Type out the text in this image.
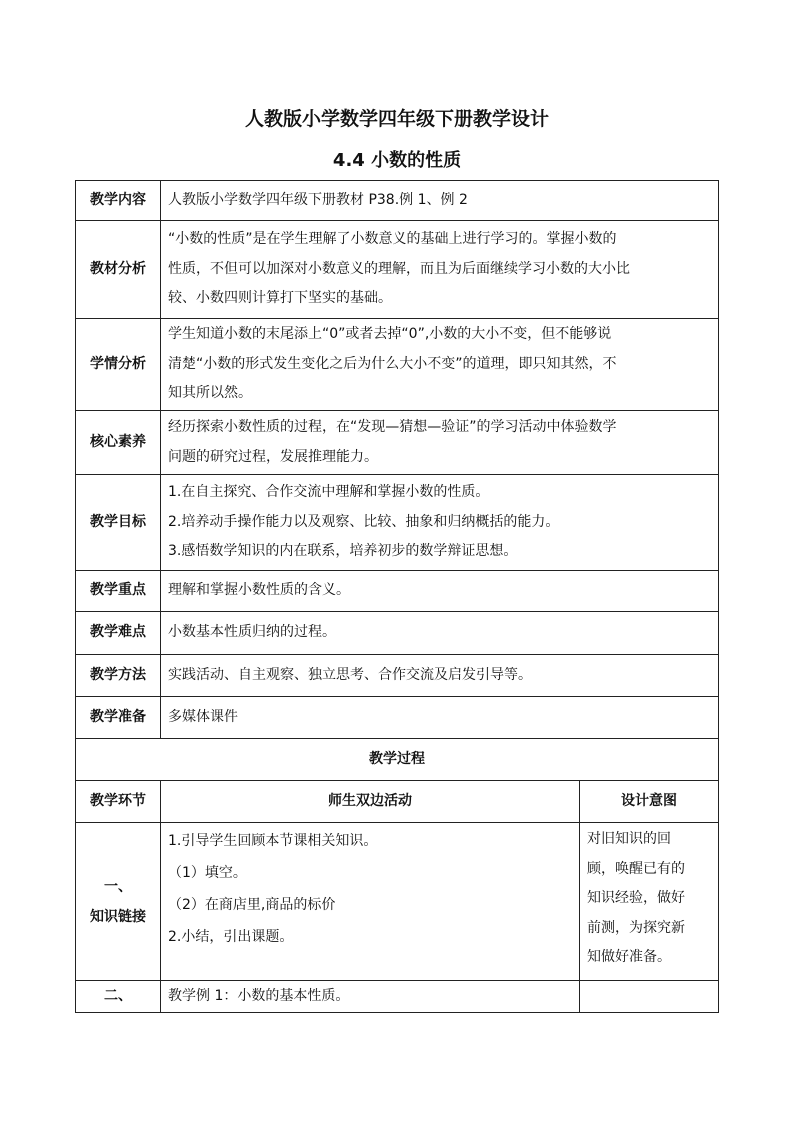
人教版小学数学四年级下册教学设计
4.4 小数的性质
教学内容	人教版小学数学四年级下册教材 P38.例 1、例 2	
教材分析	“小数的性质”是在学生理解了小数意义的基础上进行学习的。掌握小数的
性质，不但可以加深对小数意义的理解，而且为后面继续学习小数的大小比
较、小数四则计算打下坚实的基础。	

学情分析	学生知道小数的末尾添上“0”或者去掉“0”,小数的大小不变，但不能够说
清楚“小数的形式发生变化之后为什么大小不变”的道理，即只知其然，不
知其所以然。	

核心素养	经历探索小数性质的过程，在“发现—猜想—验证”的学习活动中体验数学
问题的研究过程，发展推理能力。	

教学目标	1.在自主探究、合作交流中理解和掌握小数的性质。
2.培养动手操作能力以及观察、比较、抽象和归纳概括的能力。
3.感悟数学知识的内在联系，培养初步的数学辩证思想。	

教学重点	理解和掌握小数性质的含义。	
教学难点	小数基本性质归纳的过程。	
教学方法	实践活动、自主观察、独立思考、合作交流及启发引导等。	
教学准备	多媒体课件	
教学过程		
教学环节	师生双边活动	设计意图

一、
知识链接	1.引导学生回顾本节课相关知识。
（1）填空。
（2）在商店里,商品的标价
2.小结，引出课题。	对旧知识的回
顾，唤醒已有的
知识经验，做好
前测，为探究新
知做好准备。

二、	教学例 1：小数的基本性质。	
